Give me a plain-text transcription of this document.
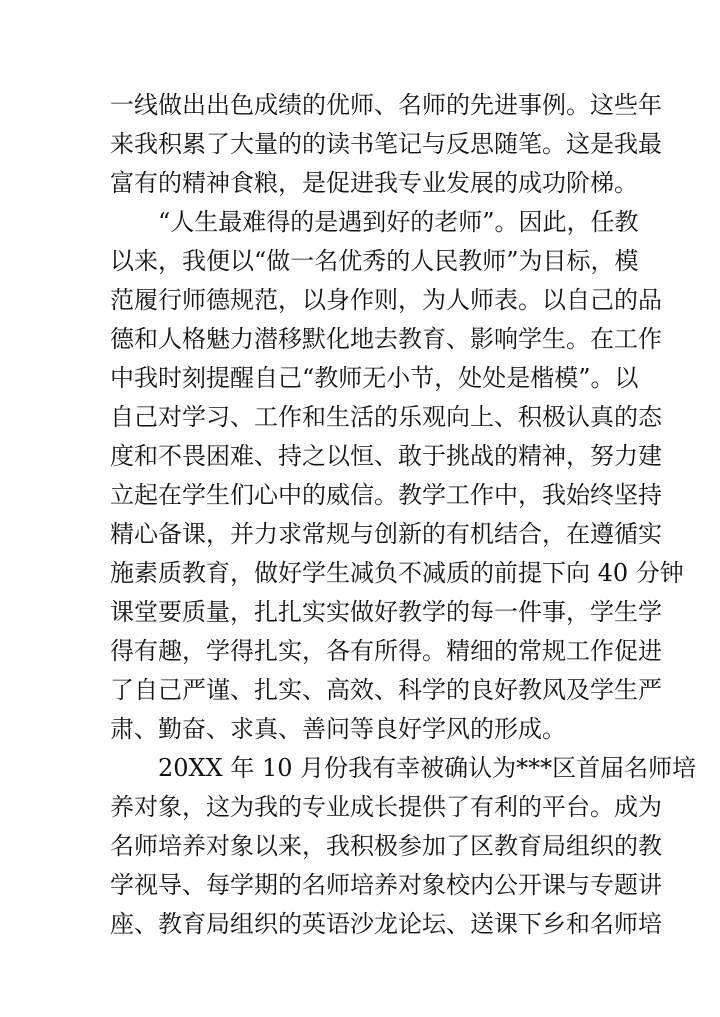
一线做出出色成绩的优师、名师的先进事例。这些年
来我积累了大量的的读书笔记与反思随笔。这是我最
富有的精神食粮，是促进我专业发展的成功阶梯。
“人生最难得的是遇到好的老师”。因此，任教
以来，我便以“做一名优秀的人民教师”为目标，模
范履行师德规范，以身作则，为人师表。以自己的品
德和人格魅力潜移默化地去教育、影响学生。在工作
中我时刻提醒自己“教师无小节，处处是楷模”。以
自己对学习、工作和生活的乐观向上、积极认真的态
度和不畏困难、持之以恒、敢于挑战的精神，努力建
立起在学生们心中的威信。教学工作中，我始终坚持
精心备课，并力求常规与创新的有机结合，在遵循实
施素质教育，做好学生减负不减质的前提下向 40 分钟
课堂要质量，扎扎实实做好教学的每一件事，学生学
得有趣，学得扎实，各有所得。精细的常规工作促进
了自己严谨、扎实、高效、科学的良好教风及学生严
肃、勤奋、求真、善问等良好学风的形成。
20XX 年 10 月份我有幸被确认为***区首届名师培
养对象，这为我的专业成长提供了有利的平台。成为
名师培养对象以来，我积极参加了区教育局组织的教
学视导、每学期的名师培养对象校内公开课与专题讲
座、教育局组织的英语沙龙论坛、送课下乡和名师培
